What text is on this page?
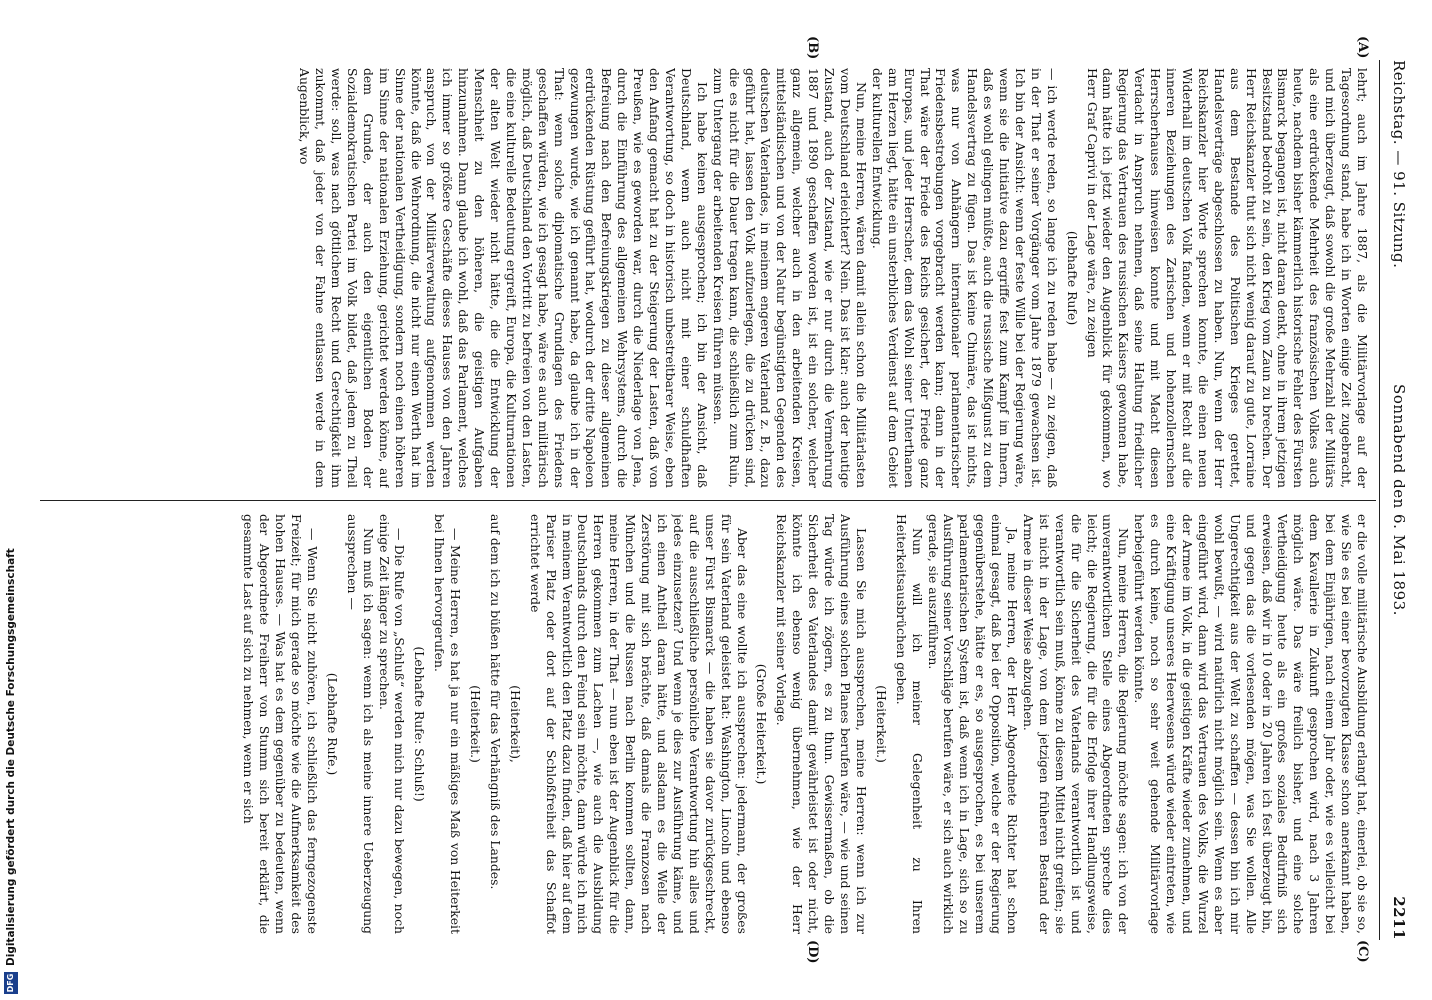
Reichstag. — 91. Sitzung.
Sonnabend den 6. Mai 1893.
2211
(A)
(B)
(C)
(D)

lehrt; auch im Jahre 1887, als die Militärvorlage auf der Tagesordnung stand, habe ich in Worten einige Zeit zugebracht, und mich überzeugt, daß sowohl die große Mehrzahl der Militärs als eine erdrückende Mehrheit des französischen Volkes auch heute, nachdem bisher kämmerlich historische Fehler des Fürsten Bismarck begangen ist, nicht daran denkt, ohne in ihrem jetzigen Besitzstand bedroht zu sein, den Krieg vom Zaun zu brechen. Der Herr Reichskanzler thut sich nicht wenig darauf zu gute, Lorraine aus dem Bestande des Politischen Krieges gerettet, Handelsverträge abgeschlossen zu haben. Nun, wenn der Herr Reichskanzler hier Worte sprechen konnte, die einen neuen Widerhall im deutschen Volk fanden, wenn er mit Recht auf die inneren Beziehungen des Zarischen und hohenzollernschen Herrscherhauses hinweisen konnte und mit Macht diesen Verdacht in Anspruch nehmen, daß seine Haltung friedlicher Regierung das Vertrauen des russischen Kaisers gewonnen habe, dann hätte ich jetzt wieder den Augenblick für gekommen, wo Herr Graf Caprivi in der Lage wäre, zu zeigen

(lebhafte Rufe)

— ich werde reden, so lange ich zu reden habe — zu zeigen, daß in der That er seiner Vorgänger vom Jahre 1879 gewachsen ist. Ich bin der Ansicht: wenn der feste Wille bei der Regierung wäre, wenn sie die Initiative dazu ergriffe fest zum Kampf im Innern, daß es wohl gelingen müßte, auch die russische Mißgunst zu dem Handelsvertrag zu fügen. Das ist keine Chimäre, das ist nichts, was nur von Anhängern internationaler parlamentarischer Friedensbestrebungen vorgebracht werden kann; dann in der That wäre der Friede des Reichs gesichert, der Friede ganz Europas, und jeder Herrscher, dem das Wohl seiner Unterthanen am Herzen liegt, hätte ein unsterbliches Verdienst auf dem Gebiet der kulturellen Entwicklung.

Nun, meine Herren, wären damit allein schon die Militärlasten vom Deutschland erleichtert? Nein. Das ist klar: auch der heutige Zustand, auch der Zustand, wie er nur durch die Vermehrung 1887 und 1890 geschaffen worden ist, ist ein solcher, welcher ganz allgemein, welcher auch in den arbeitenden Kreisen, mittelständischen und von der Natur begünstigten Gegenden des deutschen Vaterlandes, in meinem engeren Vaterland z. B., dazu geführt hat, lassen den Volk aufzuerlegen, die zu drücken sind, die es nicht für die Dauer tragen kann, die schließlich zum Ruin, zum Untergang der arbeitenden Kreisen führen müssen.

Ich habe keinen ausgesprochen; ich bin der Ansicht, daß Deutschland, wenn auch nicht mit einer schuldhaften Verantwortung, so doch in historisch unbestreitbarer Weise, eben den Anfang gemacht hat zu der Steigerung der Lasten, daß von Preußen, wie es geworden war, durch die Niederlage von Jena, durch die Einführung des allgemeinen Wehrsystems, durch die Befreiung nach den Befreiungskriegen zu dieser allgemeinen erdrückenden Rüstung geführt hat, wodurch der dritte Napoleon gezwungen wurde, wie ich genannt habe, da glaube ich in der That: wenn solche diplomatische Grundlagen des Friedens geschaffen würden, wie ich gesagt habe, wäre es auch militärisch möglich, daß Deutschland den Vortritt zu befreien von den Lasten, die eine kulturelle Bedeutung ergreift, Europa, die Kulturnationen der alten Welt wieder nicht hätte, die die Entwicklung der Menschheit zu den höheren, die geistigen Aufgaben hinzunahmen. Dann glaube ich wohl, daß das Parlament, welches ich immer so größere Geschäfte dieses Hauses von den Jahren anspruch, von der Militärverwaltung aufgenommen werden könnte, daß die Wehrordnung, die nicht nur einen Werth hat im Sinne der nationalen Vertheidigung, sondern noch einen höheren im Sinne der nationalen Erziehung, gerichtet werden könne, auf dem Grunde, der auch den eigentlichen Boden der Sozialdemokratischen Partei im Volk bildet, daß jedem zu Theil werde: soll, was nach göttlichem Recht und Gerechtigkeit ihm zukommt, daß jeder von der Fahne entlassen werde in dem Augenblick, wo

er die volle militärische Ausbildung erlangt hat, einerlei, ob sie so, wie Sie es bei einer bevorzugten Klasse schon anerkannt haben, bei dem Einjährigen, nach einem Jahr oder, wie es vielleicht bei dem Kavallerie in Zukunft gesprochen wird, nach 3 Jahren möglich wäre. Das wäre freilich bisher, und eine solche Vertheidigung heute als ein großes soziales Bedürfniß sich erweisen, daß wir in 10 oder in 20 Jahren ich fest überzeugt bin, und gegen das die vorlesenden mögen, was Sie wollen. Alle Ungerechtigkeit aus der Welt zu schaffen — dessen bin ich mir wohl bewußt, — wird natürlich nicht möglich sein. Wenn es aber eingeführt wird, dann wird das Vertrauen des Volks, die Wurzel der Armee im Volk, in die geistigen Kräfte wieder zunehmen, und eine Kräftigung unseres Heerwesens würde wieder eintreten, wie es durch keine, noch so sehr weit gehende Militärvorlage herbeigeführt werden könnte.

Nun, meine Herren, die Regierung möchte sagen: ich von der unverantwortlichen Stelle eines Abgeordneten spreche dies leicht; die Regierung, die für die Erfolge ihrer Handlungsweise, die für die Sicherheit des Vaterlands verantwortlich ist und verantwortlich sein muß, könne zu diesem Mittel nicht greifen; sie ist nicht in der Lage, von dem jetzigen früheren Bestand der Armee in dieser Weise abzugehen.

Ja, meine Herren, der Herr Abgeordnete Richter hat schon einmal gesagt, daß bei der Opposition, welche er der Regierung gegenüberstehe, hätte er es, so ausgesprochen, es bei unserem parlamentarischen System ist, daß wenn ich in Lage, sich so zu Ausführung seiner Vorschläge berufen wäre, er sich auch wirklich gerade, sie auszuführen.

Nun will ich meiner Gelegenheit zu Ihren Heiterkeitsausbrüchen geben.

(Heiterkeit.)

Lassen Sie mich aussprechen, meine Herren: wenn ich zur Ausführung eines solchen Planes berufen wäre, — wie und seinen Tag würde ich zögern, es zu thun. Gewissermaßen, ob die Sicherheit des Vaterlandes damit gewährleistet ist oder nicht, könnte ich ebenso wenig übernehmen, wie der Herr Reichskanzler mit seiner Vorlage.

(Große Heiterkeit.)

Aber das eine wollte ich aussprechen: jedermann, der großes für sein Vaterland geleistet hat: Washington, Lincoln und ebenso unser Fürst Bismarck — die haben sie davor zurückgeschreckt, auf die ausschließliche persönliche Verantwortung hin alles und jedes einzusetzen? Und wenn je dies zur Ausführung käme, und ich einen Antheil daran hätte, und alsdann es die Welle der Zerstörung mit sich brächte, daß damals die Franzosen nach München und die Russen nach Berlin kommen sollten, dann, meine Herren, in der That — nun eben ist der Augenblick für die Herren gekommen zum Lachen —, wie auch die Ausbildung Deutschlands durch den Feind sein möchte, dann würde ich mich in meinem Verantwortlich den Platz dazu finden, daß hier auf dem Pariser Platz oder dort auf der Schloßfreiheit das Schaffot errichtet werde

(Heiterkeit),

auf dem ich zu büßen hätte für das Verhängniß des Landes.

(Heiterkeit.)

— Meine Herren, es hat ja nur ein mäßiges Maß von Heiterkeit bei Ihnen hervorgerufen.

(Lebhafte Rufe: Schluß!)

— Die Rufe von „Schluß“ werden mich nur dazu bewegen, noch einige Zeit länger zu sprechen.

Nun muß ich sagen: wenn ich als meine innere Ueberzeugung aussprechen —

(Lebhafte Rufe.)

— Wenn Sie nicht zuhören, ich schließlich das ferngezogenste Freizeit; für mich gerade so möchte wie die Aufmerksamkeit des hohen Hauses. — Was hat es dem gegenüber zu bedeuten, wenn der Abgeordnete Freiherr von Stumm sich bereit erklärt, die gesammte Last auf sich zu nehmen, wenn er sich

DFG
Digitalisierung gefördert durch die Deutsche Forschungsgemeinschaft
